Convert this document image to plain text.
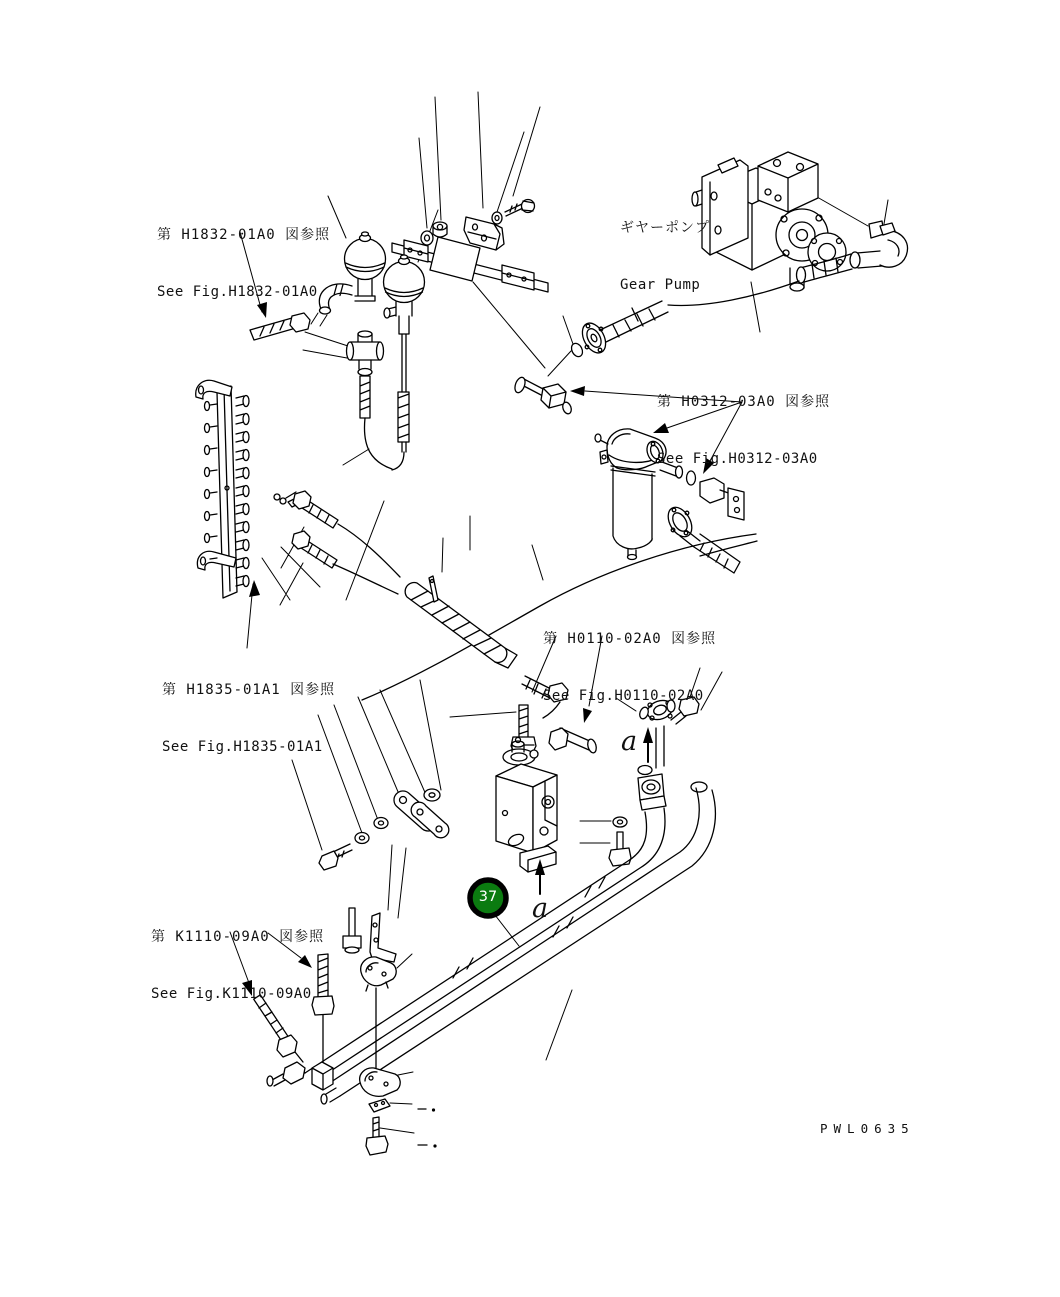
第 H1832-01A0 図参照

See Fig.H1832-01A0

ギヤーポンプ

Gear Pump

第 H0312-03A0 図参照

See Fig.H0312-03A0

第 H0110-02A0 図参照

See Fig.H0110-02A0

第 H1835-01A1 図参照

See Fig.H1835-01A1

第 K1110-09A0 図参照

See Fig.K1110-09A0

a
a
37
PWL0635
